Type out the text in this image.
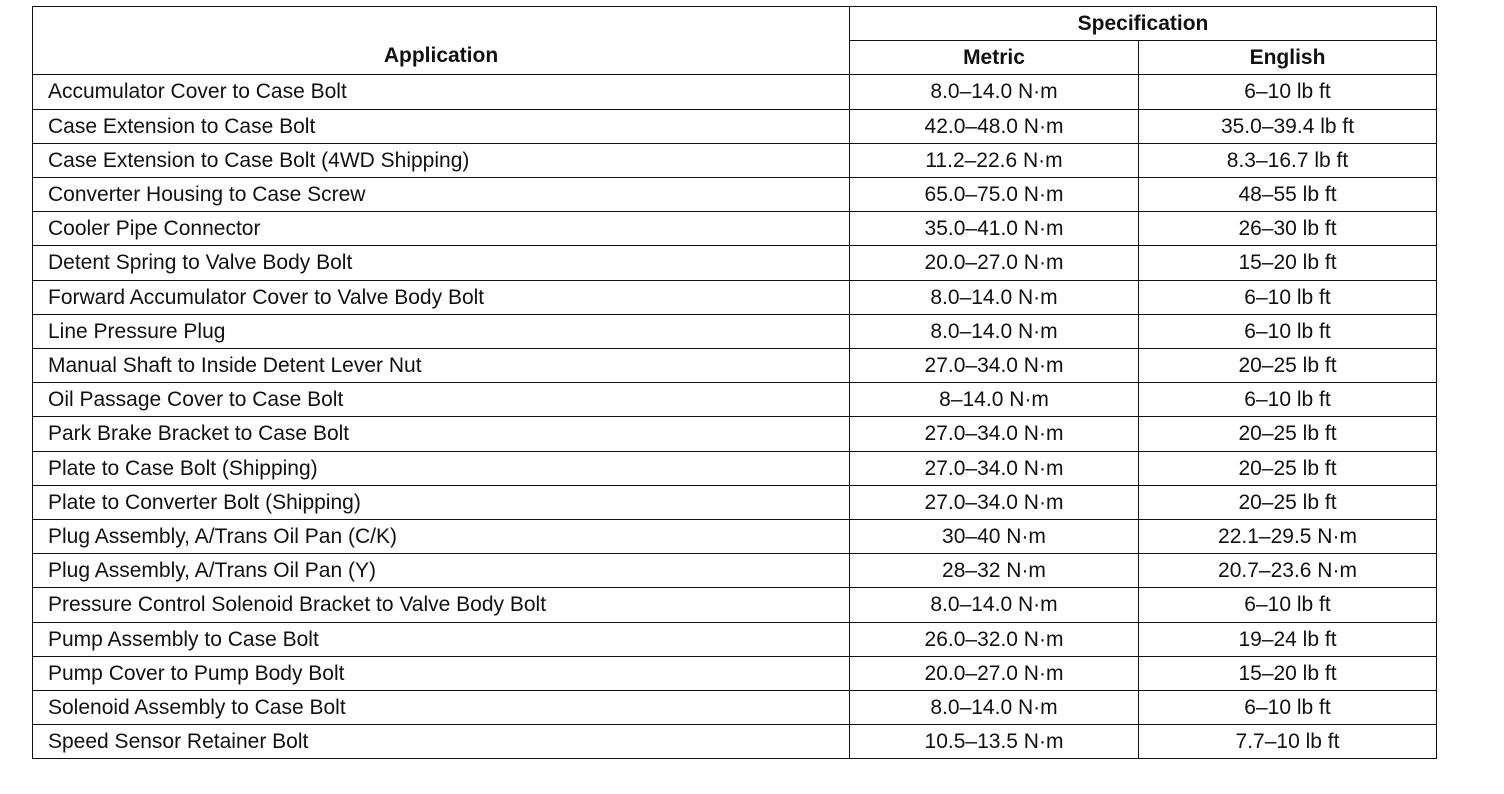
Application	Specification	
	Metric	English
Accumulator Cover to Case Bolt	8.0–14.0 N·m	6–10 lb ft
Case Extension to Case Bolt	42.0–48.0 N·m	35.0–39.4 lb ft
Case Extension to Case Bolt (4WD Shipping)	11.2–22.6 N·m	8.3–16.7 lb ft
Converter Housing to Case Screw	65.0–75.0 N·m	48–55 lb ft
Cooler Pipe Connector	35.0–41.0 N·m	26–30 lb ft
Detent Spring to Valve Body Bolt	20.0–27.0 N·m	15–20 lb ft
Forward Accumulator Cover to Valve Body Bolt	8.0–14.0 N·m	6–10 lb ft
Line Pressure Plug	8.0–14.0 N·m	6–10 lb ft
Manual Shaft to Inside Detent Lever Nut	27.0–34.0 N·m	20–25 lb ft
Oil Passage Cover to Case Bolt	8–14.0 N·m	6–10 lb ft
Park Brake Bracket to Case Bolt	27.0–34.0 N·m	20–25 lb ft
Plate to Case Bolt (Shipping)	27.0–34.0 N·m	20–25 lb ft
Plate to Converter Bolt (Shipping)	27.0–34.0 N·m	20–25 lb ft
Plug Assembly, A/Trans Oil Pan (C/K)	30–40 N·m	22.1–29.5 N·m
Plug Assembly, A/Trans Oil Pan (Y)	28–32 N·m	20.7–23.6 N·m
Pressure Control Solenoid Bracket to Valve Body Bolt	8.0–14.0 N·m	6–10 lb ft
Pump Assembly to Case Bolt	26.0–32.0 N·m	19–24 lb ft
Pump Cover to Pump Body Bolt	20.0–27.0 N·m	15–20 lb ft
Solenoid Assembly to Case Bolt	8.0–14.0 N·m	6–10 lb ft
Speed Sensor Retainer Bolt	10.5–13.5 N·m	7.7–10 lb ft
